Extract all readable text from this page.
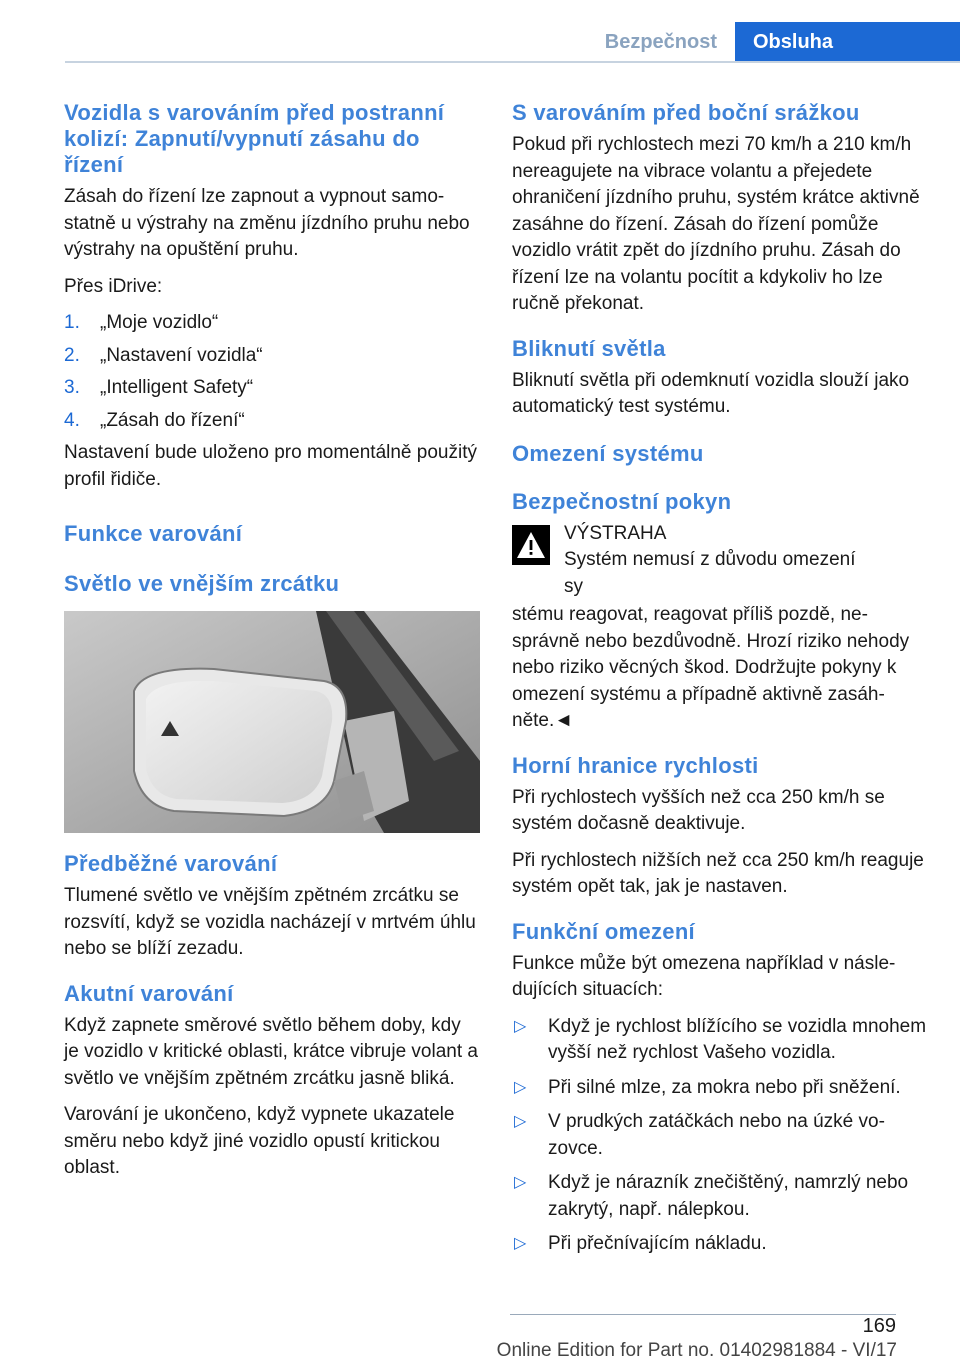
Bezpečnost	Obsluha
Vozidla s varováním před postranní kolizí: Zapnutí/vypnutí zásahu do řízení

Zásah do řízení lze zapnout a vypnout samostatně u výstrahy na změnu jízdního pruhu nebo výstrahy na opuštění pruhu.

Přes iDrive:

1.	„Moje vozidlo“
2.	„Nastavení vozidla“
3.	„Intelligent Safety“
4.	„Zásah do řízení“

Nastavení bude uloženo pro momentálně použitý profil řidiče.

Funkce varování
Světlo ve vnějším zrcátku
Předběžné varování

Tlumené světlo ve vnějším zpětném zrcátku se rozsvítí, když se vozidla nacházejí v mrtvém úhlu nebo se blíží zezadu.

Akutní varování

Když zapnete směrové světlo během doby, kdy je vozidlo v kritické oblasti, krátce vibruje volant a světlo ve vnějším zpětném zrcátku jasně bliká.

Varování je ukončeno, když vypnete ukazatele směru nebo když jiné vozidlo opustí kritickou oblast.

S varováním před boční srážkou

Pokud při rychlostech mezi 70 km/h a 210 km/h nereagujete na vibrace volantu a přejedete ohraničení jízdního pruhu, systém krátce aktivně zasáhne do řízení. Zásah do řízení pomůže vozidlo vrátit zpět do jízdního pruhu. Zásah do řízení lze na volantu pocítit a kdykoliv ho lze ručně překonat.

Bliknutí světla

Bliknutí světla při odemknutí vozidla slouží jako automatický test systému.

Omezení systému
Bezpečnostní pokyn

VÝSTRAHA

Systém nemusí z důvodu omezení sy

stému reagovat, reagovat příliš pozdě, nesprávně nebo bezdůvodně. Hrozí riziko nehody nebo riziko věcných škod. Dodržujte pokyny k omezení systému a případně aktivně zasáhněte.◄

Horní hranice rychlosti

Při rychlostech vyšších než cca 250 km/h se systém dočasně deaktivuje.

Při rychlostech nižších než cca 250 km/h reaguje systém opět tak, jak je nastaven.

Funkční omezení

Funkce může být omezena například v následujících situacích:

▷	Když je rychlost blížícího se vozidla mnohem vyšší než rychlost Vašeho vozidla.
▷	Při silné mlze, za mokra nebo při sněžení.
▷	V prudkých zatáčkách nebo na úzké vozovce.
▷	Když je nárazník znečištěný, namrzlý nebo zakrytý, např. nálepkou.
▷	Při přečnívajícím nákladu.
169
Online Edition for Part no. 01402981884 - VI/17
